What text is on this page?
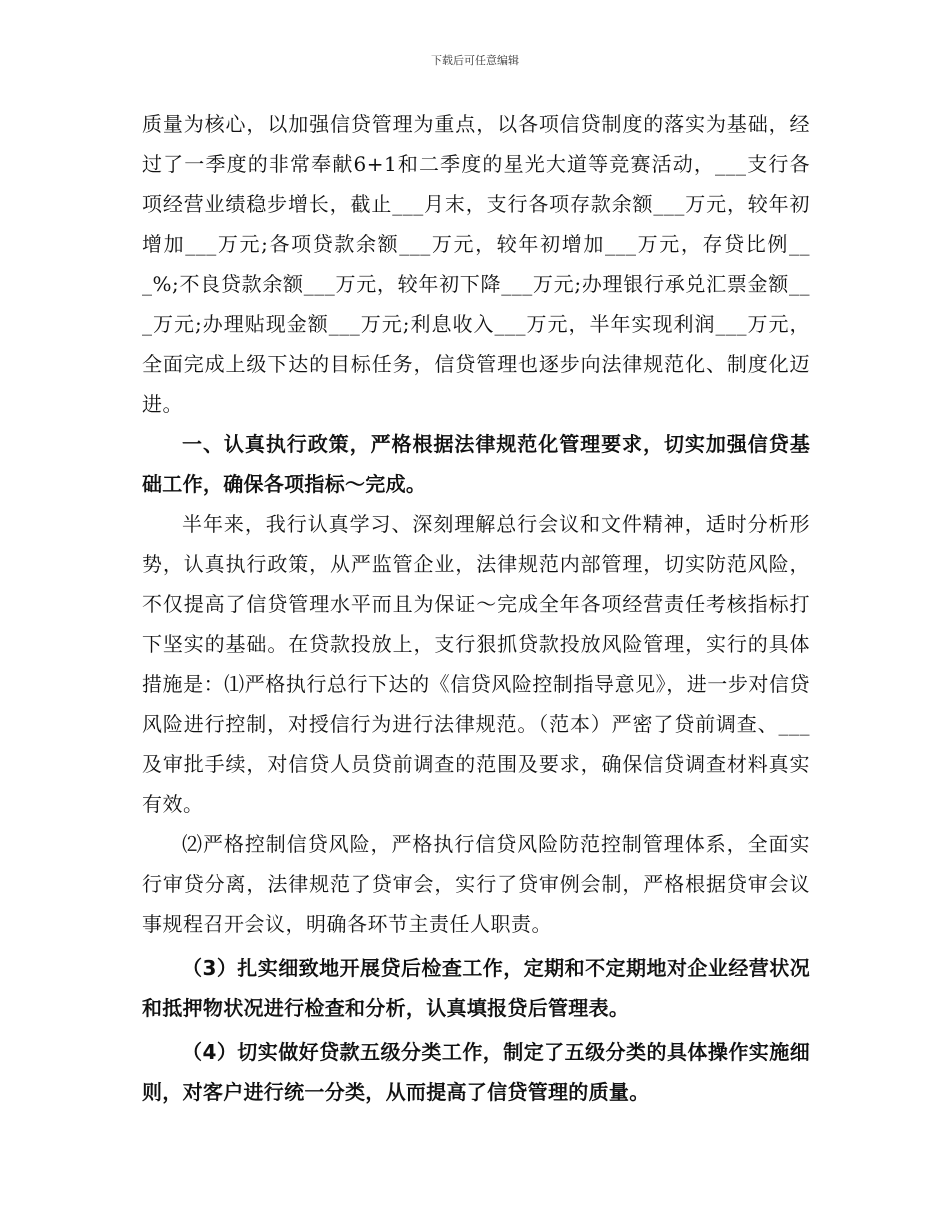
下载后可任意编辑

质量为核心，以加强信贷管理为重点，以各项信贷制度的落实为基础，经过了一季度的非常奉献6+1和二季度的星光大道等竞赛活动，___支行各项经营业绩稳步增长，截止___月末，支行各项存款余额___万元，较年初增加___万元;各项贷款余额___万元，较年初增加___万元，存贷比例___%;不良贷款余额___万元，较年初下降___万元;办理银行承兑汇票金额___万元;办理贴现金额___万元;利息收入___万元，半年实现利润___万元，全面完成上级下达的目标任务，信贷管理也逐步向法律规范化、制度化迈进。

一、认真执行政策，严格根据法律规范化管理要求，切实加强信贷基础工作，确保各项指标～完成。

半年来，我行认真学习、深刻理解总行会议和文件精神，适时分析形势，认真执行政策，从严监管企业，法律规范内部管理，切实防范风险，不仅提高了信贷管理水平而且为保证～完成全年各项经营责任考核指标打下坚实的基础。在贷款投放上，支行狠抓贷款投放风险管理，实行的具体措施是：⑴严格执行总行下达的《信贷风险控制指导意见》，进一步对信贷风险进行控制，对授信行为进行法律规范。（范本）严密了贷前调查、___及审批手续，对信贷人员贷前调查的范围及要求，确保信贷调查材料真实有效。

⑵严格控制信贷风险，严格执行信贷风险防范控制管理体系，全面实行审贷分离，法律规范了贷审会，实行了贷审例会制，严格根据贷审会议事规程召开会议，明确各环节主责任人职责。

（3）扎实细致地开展贷后检查工作，定期和不定期地对企业经营状况和抵押物状况进行检查和分析，认真填报贷后管理表。

（4）切实做好贷款五级分类工作，制定了五级分类的具体操作实施细则，对客户进行统一分类，从而提高了信贷管理的质量。
